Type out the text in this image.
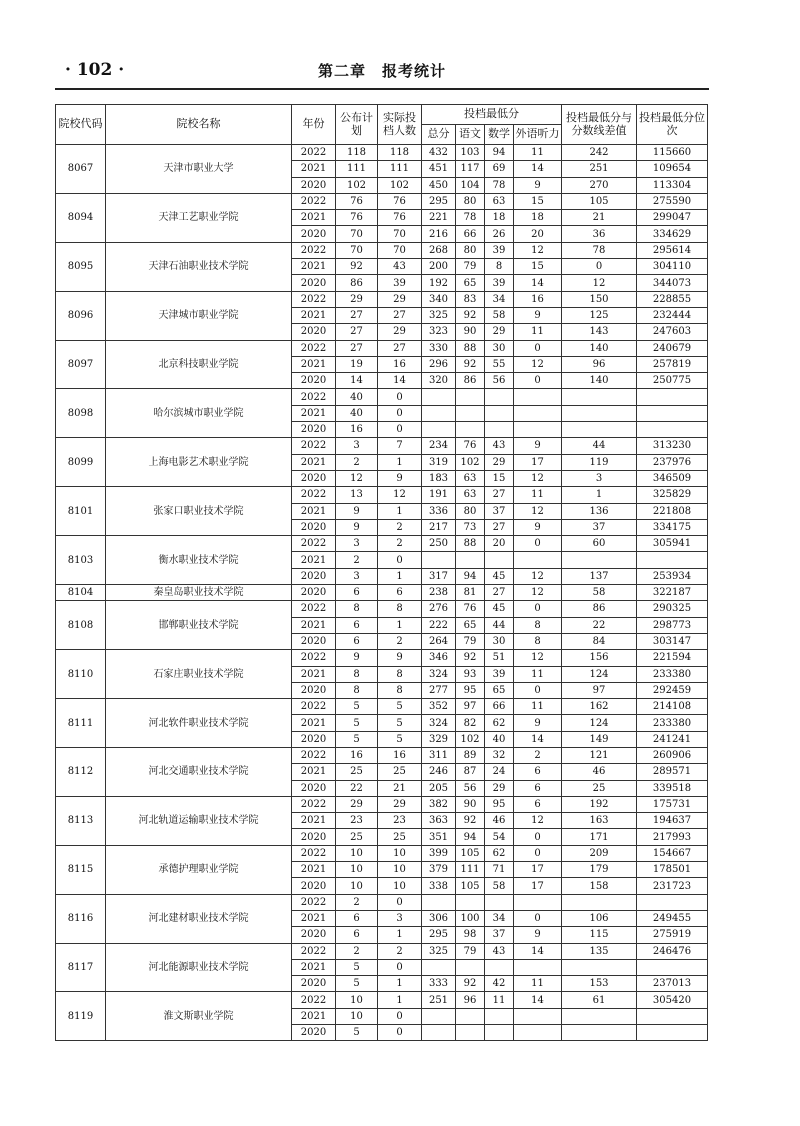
· 102 ·	第二章　报考统计
院校代码	院校名称	年份	公布计划	实际投档人数	投档最低分				投档最低分与分数线差值	投档最低分位次
					总分	语文	数学	外语听力		
8067	天津市职业大学	2022	118	118	432	103	94	11	242	115660
		2021	111	111	451	117	69	14	251	109654
		2020	102	102	450	104	78	9	270	113304
8094	天津工艺职业学院	2022	76	76	295	80	63	15	105	275590
		2021	76	76	221	78	18	18	21	299047
		2020	70	70	216	66	26	20	36	334629
8095	天津石油职业技术学院	2022	70	70	268	80	39	12	78	295614
		2021	92	43	200	79	8	15	0	304110
		2020	86	39	192	65	39	14	12	344073
8096	天津城市职业学院	2022	29	29	340	83	34	16	150	228855
		2021	27	27	325	92	58	9	125	232444
		2020	27	29	323	90	29	11	143	247603
8097	北京科技职业学院	2022	27	27	330	88	30	0	140	240679
		2021	19	16	296	92	55	12	96	257819
		2020	14	14	320	86	56	0	140	250775
8098	哈尔滨城市职业学院	2022	40	0						
		2021	40	0						
		2020	16	0						
8099	上海电影艺术职业学院	2022	3	7	234	76	43	9	44	313230
		2021	2	1	319	102	29	17	119	237976
		2020	12	9	183	63	15	12	3	346509
8101	张家口职业技术学院	2022	13	12	191	63	27	11	1	325829
		2021	9	1	336	80	37	12	136	221808
		2020	9	2	217	73	27	9	37	334175
8103	衡水职业技术学院	2022	3	2	250	88	20	0	60	305941
		2021	2	0						
		2020	3	1	317	94	45	12	137	253934
8104	秦皇岛职业技术学院	2020	6	6	238	81	27	12	58	322187
8108	邯郸职业技术学院	2022	8	8	276	76	45	0	86	290325
		2021	6	1	222	65	44	8	22	298773
		2020	6	2	264	79	30	8	84	303147
8110	石家庄职业技术学院	2022	9	9	346	92	51	12	156	221594
		2021	8	8	324	93	39	11	124	233380
		2020	8	8	277	95	65	0	97	292459
8111	河北软件职业技术学院	2022	5	5	352	97	66	11	162	214108
		2021	5	5	324	82	62	9	124	233380
		2020	5	5	329	102	40	14	149	241241
8112	河北交通职业技术学院	2022	16	16	311	89	32	2	121	260906
		2021	25	25	246	87	24	6	46	289571
		2020	22	21	205	56	29	6	25	339518
8113	河北轨道运输职业技术学院	2022	29	29	382	90	95	6	192	175731
		2021	23	23	363	92	46	12	163	194637
		2020	25	25	351	94	54	0	171	217993
8115	承德护理职业学院	2022	10	10	399	105	62	0	209	154667
		2021	10	10	379	111	71	17	179	178501
		2020	10	10	338	105	58	17	158	231723
8116	河北建材职业技术学院	2022	2	0						
		2021	6	3	306	100	34	0	106	249455
		2020	6	1	295	98	37	9	115	275919
8117	河北能源职业技术学院	2022	2	2	325	79	43	14	135	246476
		2021	5	0						
		2020	5	1	333	92	42	11	153	237013
8119	淮文斯职业学院	2022	10	1	251	96	11	14	61	305420
		2021	10	0						
		2020	5	0						
